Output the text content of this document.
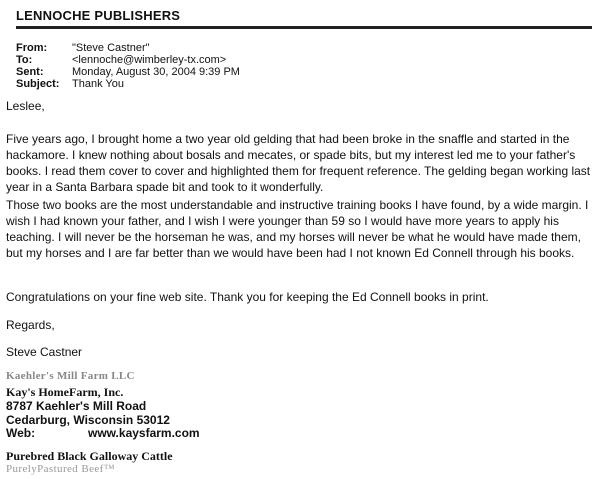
LENNOCHE PUBLISHERS
From: "Steve Castner"
To:	<lennoche@wimberley-tx.com>
Sent:	Monday, August 30, 2004 9:39 PM
Subject: Thank You

Leslee,

Five years ago, I brought home a two year old gelding that had been broke in the snaffle and started in the hackamore. I knew nothing about bosals and mecates, or spade bits, but my interest led me to your father's books. I read them cover to cover and highlighted them for frequent reference. The gelding began working last year in a Santa Barbara spade bit and took to it wonderfully.

Those two books are the most understandable and instructive training books I have found, by a wide margin. I wish I had known your father, and I wish I were younger than 59 so I would have more years to apply his teaching. I will never be the horseman he was, and my horses will never be what he would have made them, but my horses and I are far better than we would have been had I not known Ed Connell through his books.

Congratulations on your fine web site. Thank you for keeping the Ed Connell books in print.

Regards,

Steve Castner

Kaehler's Mill Farm LLC

Kay's HomeFarm, Inc.

8787 Kaehler's Mill Road

Cedarburg, Wisconsin 53012

Web:	www.kaysfarm.com

Purebred Black Galloway Cattle

PurelyPastured Beef™
